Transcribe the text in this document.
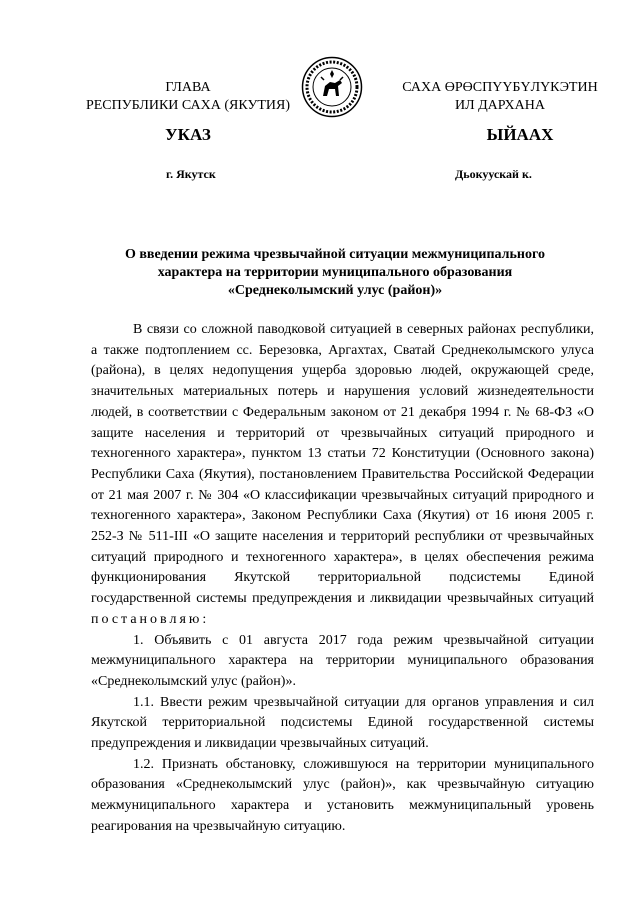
ГЛАВА
РЕСПУБЛИКИ САХА (ЯКУТИЯ)
САХА ӨРӨСПҮҮБҮЛҮКЭТИН
ИЛ ДАРХАНА
УКАЗ	ЫЙААХ
г. Якутск	Дьокуускай к.
О введении режима чрезвычайной ситуации межмуниципального
характера на территории муниципального образования
«Среднеколымский улус (район)»

В связи со сложной паводковой ситуацией в северных районах республики, а также подтоплением сс. Березовка, Аргахтах, Сватай Среднеколымского улуса (района), в целях недопущения ущерба здоровью людей, окружающей среде, значительных материальных потерь и нарушения условий жизнедеятельности людей, в соответствии с Федеральным законом от 21 декабря 1994 г. № 68-ФЗ «О защите населения и территорий от чрезвычайных ситуаций природного и техногенного характера», пунктом 13 статьи 72 Конституции (Основного закона) Республики Саха (Якутия), постановлением Правительства Российской Федерации от 21 мая 2007 г. № 304 «О классификации чрезвычайных ситуаций природного и техногенного характера», Законом Республики Саха (Якутия) от 16 июня 2005 г. 252-З № 511-III «О защите населения и территорий республики от чрезвычайных ситуаций природного и техногенного характера», в целях обеспечения режима функционирования Якутской территориальной подсистемы Единой государственной системы предупреждения и ликвидации чрезвычайных ситуаций постановляю:

1. Объявить с 01 августа 2017 года режим чрезвычайной ситуации межмуниципального характера на территории муниципального образования «Среднеколымский улус (район)».

1.1. Ввести режим чрезвычайной ситуации для органов управления и сил Якутской территориальной подсистемы Единой государственной системы предупреждения и ликвидации чрезвычайных ситуаций.

1.2. Признать обстановку, сложившуюся на территории муниципального образования «Среднеколымский улус (район)», как чрезвычайную ситуацию межмуниципального характера и установить межмуниципальный уровень реагирования на чрезвычайную ситуацию.
